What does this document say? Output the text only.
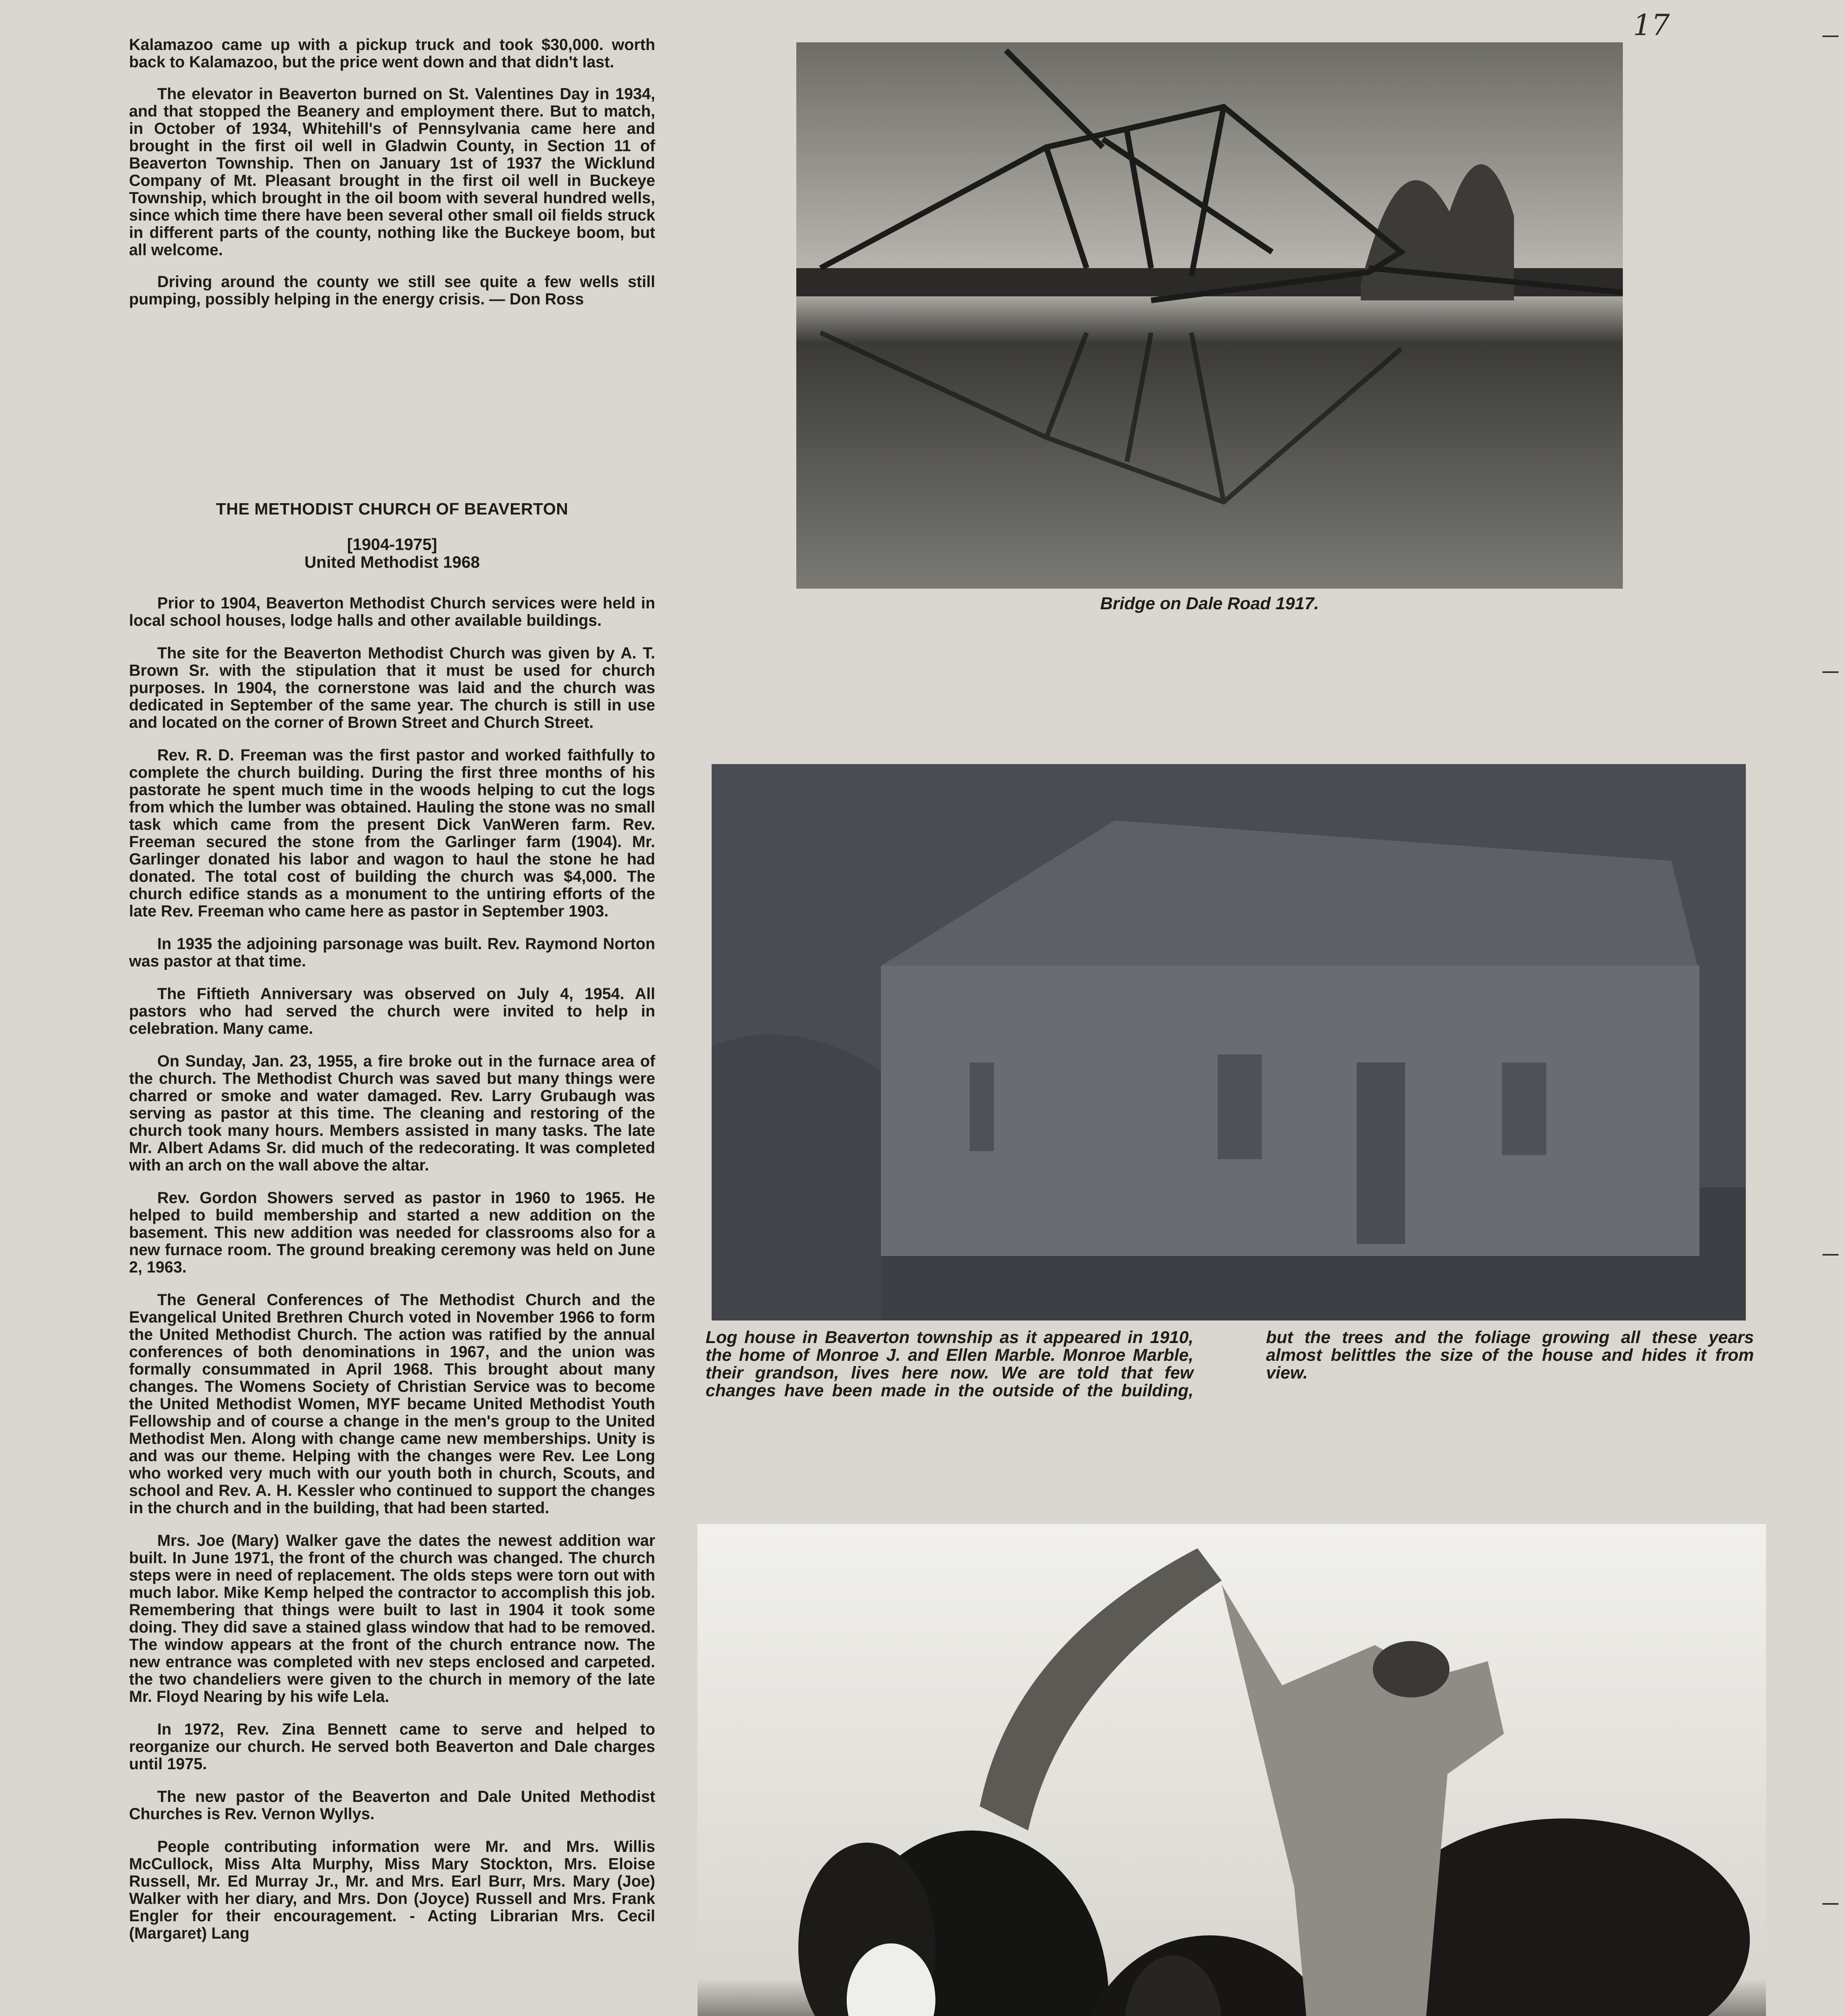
17

Kalamazoo came up with a pickup truck and took $30,000. worth back to Kalamazoo, but the price went down and that didn't last.

The elevator in Beaverton burned on St. Valentines Day in 1934, and that stopped the Beanery and employment there. But to match, in October of 1934, Whitehill's of Pennsylvania came here and brought in the first oil well in Gladwin County, in Section 11 of Beaverton Township. Then on January 1st of 1937 the Wicklund Company of Mt. Pleasant brought in the first oil well in Buckeye Township, which brought in the oil boom with several hundred wells, since which time there have been several other small oil fields struck in different parts of the county, nothing like the Buckeye boom, but all welcome.

Driving around the county we still see quite a few wells still pumping, possibly helping in the energy crisis. — Don Ross

THE METHODIST CHURCH OF BEAVERTON
[1904-1975]
United Methodist 1968

Prior to 1904, Beaverton Methodist Church services were held in local school houses, lodge halls and other available buildings.

The site for the Beaverton Methodist Church was given by A. T. Brown Sr. with the stipulation that it must be used for church purposes. In 1904, the cornerstone was laid and the church was dedicated in September of the same year. The church is still in use and located on the corner of Brown Street and Church Street.

Rev. R. D. Freeman was the first pastor and worked faithfully to complete the church building. During the first three months of his pastorate he spent much time in the woods helping to cut the logs from which the lumber was obtained. Hauling the stone was no small task which came from the present Dick VanWeren farm. Rev. Freeman secured the stone from the Garlinger farm (1904). Mr. Garlinger donated his labor and wagon to haul the stone he had donated. The total cost of building the church was $4,000. The church edifice stands as a monument to the untiring efforts of the late Rev. Freeman who came here as pastor in September 1903.

In 1935 the adjoining parsonage was built. Rev. Raymond Norton was pastor at that time.

The Fiftieth Anniversary was observed on July 4, 1954. All pastors who had served the church were invited to help in celebration. Many came.

On Sunday, Jan. 23, 1955, a fire broke out in the furnace area of the church. The Methodist Church was saved but many things were charred or smoke and water damaged. Rev. Larry Grubaugh was serving as pastor at this time. The cleaning and restoring of the church took many hours. Members assisted in many tasks. The late Mr. Albert Adams Sr. did much of the redecorating. It was completed with an arch on the wall above the altar.

Rev. Gordon Showers served as pastor in 1960 to 1965. He helped to build membership and started a new addition on the basement. This new addition was needed for classrooms also for a new furnace room. The ground breaking ceremony was held on June 2, 1963.

The General Conferences of The Methodist Church and the Evangelical United Brethren Church voted in November 1966 to form the United Methodist Church. The action was ratified by the annual conferences of both denominations in 1967, and the union was formally consummated in April 1968. This brought about many changes. The Womens Society of Christian Service was to become the United Methodist Women, MYF became United Methodist Youth Fellowship and of course a change in the men's group to the United Methodist Men. Along with change came new memberships. Unity is and was our theme. Helping with the changes were Rev. Lee Long who worked very much with our youth both in church, Scouts, and school and Rev. A. H. Kessler who continued to support the changes in the church and in the building, that had been started.

Mrs. Joe (Mary) Walker gave the dates the newest addition war built. In June 1971, the front of the church was changed. The church steps were in need of replacement. The olds steps were torn out with much labor. Mike Kemp helped the contractor to accomplish this job. Remembering that things were built to last in 1904 it took some doing. They did save a stained glass window that had to be removed. The window appears at the front of the church entrance now. The new entrance was completed with nev steps enclosed and carpeted. the two chandeliers were given to the church in memory of the late Mr. Floyd Nearing by his wife Lela.

In 1972, Rev. Zina Bennett came to serve and helped to reorganize our church. He served both Beaverton and Dale charges until 1975.

The new pastor of the Beaverton and Dale United Methodist Churches is Rev. Vernon Wyllys.

People contributing information were Mr. and Mrs. Willis McCullock, Miss Alta Murphy, Miss Mary Stockton, Mrs. Eloise Russell, Mr. Ed Murray Jr., Mr. and Mrs. Earl Burr, Mrs. Mary (Joe) Walker with her diary, and Mrs. Don (Joyce) Russell and Mrs. Frank Engler for their encouragement. - Acting Librarian Mrs. Cecil (Margaret) Lang

Bridge on Dale Road 1917.
Log house in Beaverton township as it appeared in 1910, the home of Monroe J. and Ellen Marble. Monroe Marble, their grandson, lives here now. We are told that few changes have been made in the outside of the building, but the trees and the foliage growing all these years almost belittles the size of the house and hides it from view.
